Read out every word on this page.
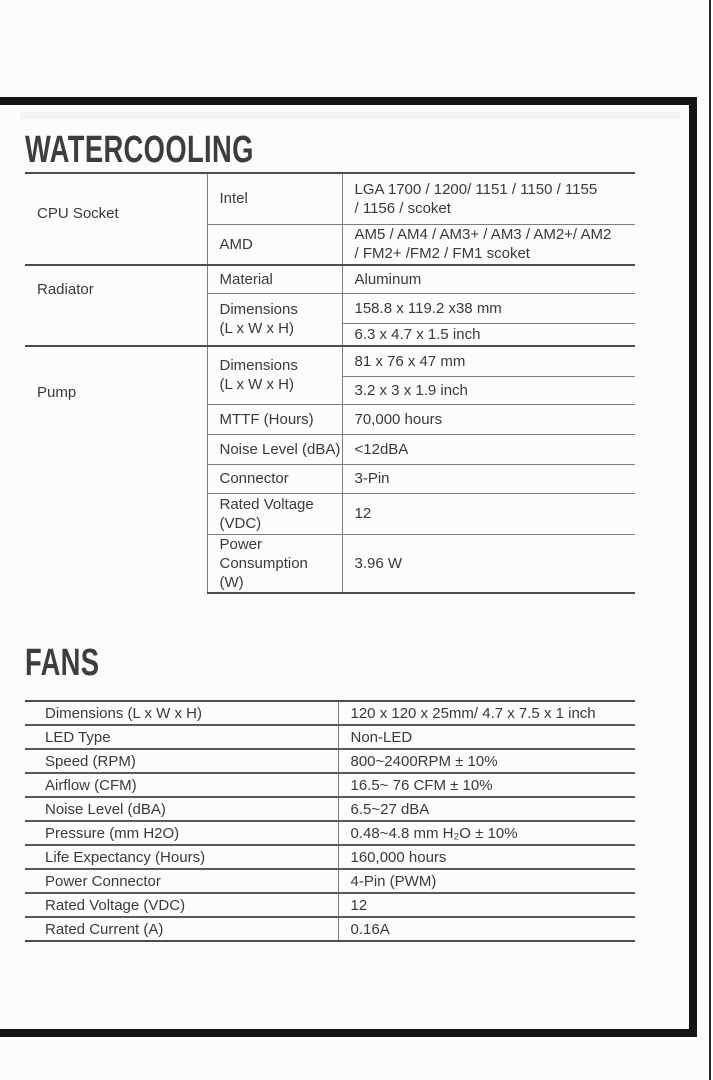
WATERCOOLING
CPU Socket	Intel	LGA 1700 / 1200/ 1151 / 1150 / 1155
/ 1156 / scoket

	AMD	AM5 / AM4 / AM3+ / AM3 / AM2+/ AM2
/ FM2+ /FM2 / FM1 scoket

Radiator	Material	Aluminum

	Dimensions
(L x W x H)	158.8 x 119.2 x38 mm
		6.3 x 4.7 x 1.5 inch
Pump	Dimensions
(L x W x H)	81 x 76 x 47 mm
		3.2 x 3 x 1.9 inch
	MTTF (Hours)	70,000 hours
	Noise Level (dBA)	<12dBA
	Connector	3-Pin

	Rated Voltage
(VDC)	12

	Power
Consumption (W)	3.96 W
FANS
Dimensions (L x W x H)	120 x 120 x 25mm/ 4.7 x 7.5 x 1 inch
LED Type	Non-LED
Speed (RPM)	800~2400RPM ± 10%
Airflow (CFM)	16.5~ 76 CFM ± 10%
Noise Level (dBA)	6.5~27 dBA
Pressure (mm H2O)	0.48~4.8 mm H₂O ± 10%
Life Expectancy (Hours)	160,000 hours
Power Connector	4-Pin (PWM)
Rated Voltage (VDC)	12
Rated Current (A)	0.16A
